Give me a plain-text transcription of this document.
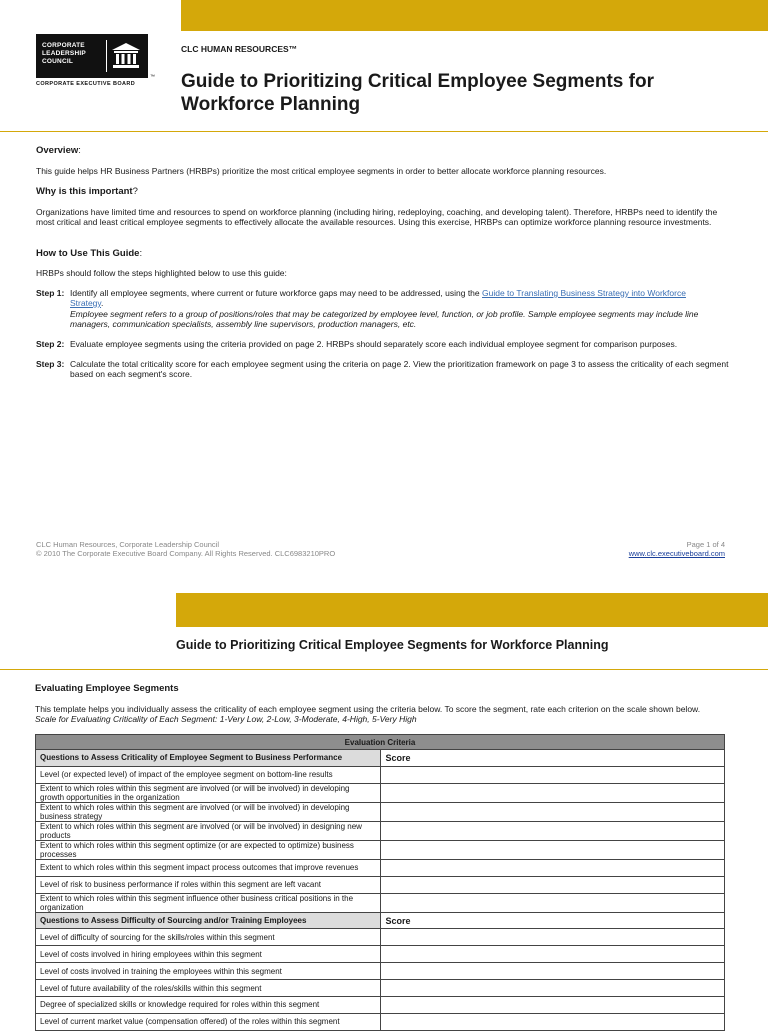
CORPORATE
LEADERSHIP
COUNCIL
CORPORATE EXECUTIVE BOARD
™
CLC HUMAN RESOURCES™
Guide to Prioritizing Critical Employee Segments for Workforce Planning
Overview:
This guide helps HR Business Partners (HRBPs) prioritize the most critical employee segments in order to better allocate workforce planning resources.
Why is this important?
Organizations have limited time and resources to spend on workforce planning (including hiring, redeploying, coaching, and developing talent). Therefore, HRBPs need to identify the most critical and least critical employee segments to effectively allocate the available resources. Using this exercise, HRBPs can optimize workforce planning resource investments.
How to Use This Guide:
HRBPs should follow the steps highlighted below to use this guide:
Step 1: Identify all employee segments, where current or future workforce gaps may need to be addressed, using the Guide to Translating Business Strategy into Workforce Strategy.
Employee segment refers to a group of positions/roles that may be categorized by employee level, function, or job profile. Sample employee segments may include line managers, communication specialists, assembly line supervisors, production managers, etc.
Step 2: Evaluate employee segments using the criteria provided on page 2. HRBPs should separately score each individual employee segment for comparison purposes.
Step 3: Calculate the total criticality score for each employee segment using the criteria on page 2. View the prioritization framework on page 3 to assess the criticality of each segment based on each segment's score.
CLC Human Resources, Corporate Leadership Council
© 2010 The Corporate Executive Board Company. All Rights Reserved. CLC6983210PRO
Page 1 of 4
www.clc.executiveboard.com
Guide to Prioritizing Critical Employee Segments for Workforce Planning
Evaluating Employee Segments
This template helps you individually assess the criticality of each employee segment using the criteria below. To score the segment, rate each criterion on the scale shown below.
Scale for Evaluating Criticality of Each Segment: 1-Very Low, 2-Low, 3-Moderate, 4-High, 5-Very High
Evaluation Criteria	
Questions to Assess Criticality of Employee Segment to Business Performance	Score
Level (or expected level) of impact of the employee segment on bottom-line results	
Extent to which roles within this segment are involved (or will be involved) in developing growth opportunities in the organization	
Extent to which roles within this segment are involved (or will be involved) in developing business strategy	
Extent to which roles within this segment are involved (or will be involved) in designing new products	
Extent to which roles within this segment optimize (or are expected to optimize) business processes	
Extent to which roles within this segment impact process outcomes that improve revenues	
Level of risk to business performance if roles within this segment are left vacant	
Extent to which roles within this segment influence other business critical positions in the organization	
Questions to Assess Difficulty of Sourcing and/or Training Employees	Score
Level of difficulty of sourcing for the skills/roles within this segment	
Level of costs involved in hiring employees within this segment	
Level of costs involved in training the employees within this segment	
Level of future availability of the roles/skills within this segment	
Degree of specialized skills or knowledge required for roles within this segment	
Level of current market value (compensation offered) of the roles within this segment	
